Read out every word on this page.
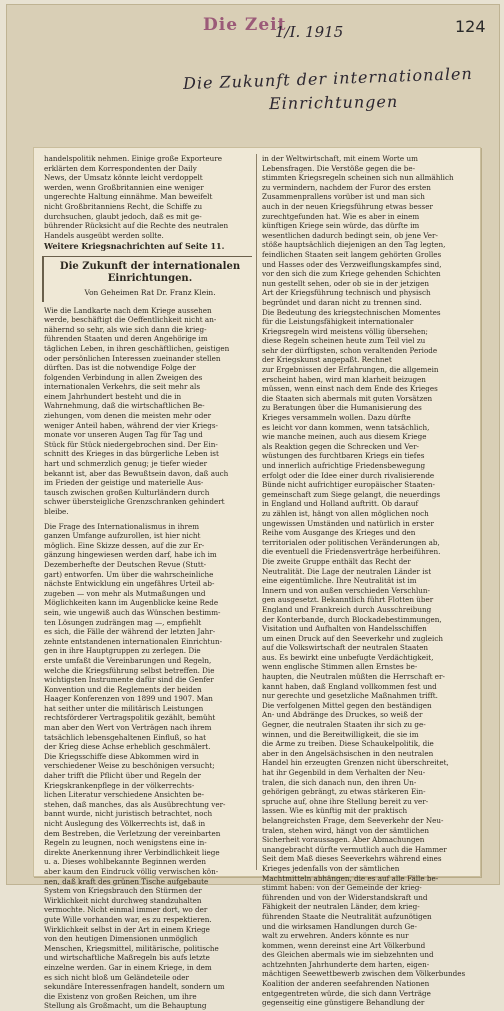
Die Zeit
1/I. 1915	124
Die Zukunft der internationalen
Einrichtungen
handelspolitik nehmen. Einige große Exporteure
erklärten dem Korrespondenten der Daily
News, der Umsatz könnte leicht verdoppelt
werden, wenn Großbritannien eine weniger
ungerechte Haltung einnähme. Man beweifelt
nicht Großbritanniens Recht, die Schiffe zu
durchsuchen, glaubt jedoch, daß es mit ge-
bührender Rücksicht auf die Rechte des neutralen
Handels ausgeübt werden sollte.
Weitere Kriegsnachrichten auf Seite 11.
Die Zukunft der internationalen
Einrichtungen.
Von Geheimen Rat Dr. Franz Klein.
Wie die Landkarte nach dem Kriege aussehen
werde, beschäftigt die Oeffentlichkeit nicht an-
nähernd so sehr, als wie sich dann die krieg-
führenden Staaten und deren Angehörige im
täglichen Leben, in ihren geschäftlichen, geistigen
oder persönlichen Interessen zueinander stellen
dürften. Das ist die notwendige Folge der
folgenden Verbindung in allen Zweigen des
internationalen Verkehrs, die seit mehr als
einem Jahrhundert besteht und die in
Wahrnehmung, daß die wirtschaftlichen Be-
ziehungen, vom denen die meisten mehr oder
weniger Anteil haben, während der vier Kriegs-
monate vor unseren Augen Tag für Tag und
Stück für Stück niedergebrochen sind. Der Ein-
schnitt des Krieges in das bürgerliche Leben ist
hart und schmerzlich genug; je tiefer wieder
bekannt ist, aber das Bewußtsein davon, daß auch
im Frieden der geistige und materielle Aus-
tausch zwischen großen Kulturländern durch
schwer übersteigliche Grenzschranken gehindert
bleibe.
Die Frage des Internationalismus in ihrem
ganzen Umfange aufzurollen, ist hier nicht
möglich. Eine Skizze dessen, auf die zur Er-
gänzung hingewiesen werden darf, habe ich im
Dezemberhefte der Deutschen Revue (Stutt-
gart) entworfen. Um über die wahrscheinliche
nächste Entwicklung ein ungefähres Urteil ab-
zugeben — von mehr als Mutmaßungen und
Möglichkeiten kann im Augenblicke keine Rede
sein, wie ungewiß auch das Wünschen bestimm-
ten Lösungen zudrängen mag —, empfiehlt
es sich, die Fälle der während der letzten Jahr-
zehnte entstandenen internationalen Einrichtun-
gen in ihre Hauptgruppen zu zerlegen. Die
erste umfaßt die Vereinbarungen und Regeln,
welche die Kriegsführung selbst betreffen. Die
wichtigsten Instrumente dafür sind die Genfer
Konvention und die Reglements der beiden
Haager Konferenzen von 1899 und 1907. Man
hat seither unter die militärisch Leistungen
rechtsförderer Vertragspolitik gezählt, bemüht
man aber den Wert von Verträgen nach ihrem
tatsächlich lebensgehaltenen Einfluß, so hat
der Krieg diese Achse erheblich geschmälert.
Die Kriegsschiffe diese Abkommen wird in
verschiedener Weise zu beschönigen versucht;
daher trifft die Pflicht über und Regeln der
Kriegskrankenpflege in der völkerrechts-
lichen Literatur verschiedene Ansichten be-
stehen, daß manches, das als Ausübrechtung ver-
bannt wurde, nicht juristisch betrachtet, noch
nicht Auslegung des Völkerrechts ist, daß in
dem Bestreben, die Verletzung der vereinbarten
Regeln zu leugnen, noch wenigstens eine in-
direkte Anerkennung ihrer Verbindlichkeit liege
u. a. Dieses wohlbekannte Beginnen werden
aber kaum den Eindruck völlig verwischen kön-
nen, daß kraft des grünen Tische aufgebaute
System von Kriegsbrauch den Stürmen der
Wirklichkeit nicht durchweg standzuhalten
vermochte. Nicht einmal immer dort, wo der
gute Wille vorhanden war, es zu respektieren.
Wirklichkeit selbst in der Art in einem Kriege
von den heutigen Dimensionen unmöglich
Menschen, Kriegsmittel, militärische, politische
und wirtschaftliche Maßregeln bis aufs letzte
einzelne werden. Gar in einem Kriege, in dem
es sich nicht bloß um Geländeteile oder
sekundäre Interessenfragen handelt, sondern um
die Existenz von großen Reichen, um ihre
Stellung als Großmacht, um die Behauptung
in der Weltwirtschaft, mit einem Worte um
Lebensfragen. Die Verstöße gegen die be-
stimmten Kriegsregeln scheinen sich nun allmählich
zu vermindern, nachdem der Furor des ersten
Zusammenprallens vorüber ist und man sich
auch in der neuen Kriegsführung etwas besser
zurechtgefunden hat. Wie es aber in einem
künftigen Kriege sein würde, das dürfte im
wesentlichen dadurch bedingt sein, ob jene Ver-
stöße hauptsächlich diejenigen an den Tag legten,
feindlichen Staaten seit langem gehörten Grolles
und Hasses oder des Verzweiflungskampfes sind,
vor den sich die zum Kriege gehenden Schichten
nun gestellt sehen, oder ob sie in der jetzigen
Art der Kriegsführung technisch und physisch
begründet und daran nicht zu trennen sind.
Die Bedeutung des kriegstechnischen Momentes
für die Leistungsfähigkeit internationaler
Kriegsregeln wird meistens völlig übersehen;
diese Regeln scheinen heute zum Teil viel zu
sehr der dürftigsten, schon veraltenden Periode
der Kriegskunst angepaßt. Rechnet
zur Ergebnissen der Erfahrungen, die allgemein
erscheint haben, wird man klarheit beizugen
müssen, wenn einst nach dem Ende des Krieges
die Staaten sich abermals mit guten Vorsätzen
zu Beratungen über die Humanisierung des
Krieges versammeln wollen. Dazu dürfte
es leicht vor dann kommen, wenn tatsächlich,
wie manche meinen, auch aus diesem Kriege
als Reaktion gegen die Schrecken und Ver-
wüstungen des furchtbaren Kriegs ein tiefes
und innerlich aufrichtige Friedensbewegung
erfolgt oder die Idee einer durch rivalisierende
Bünde nicht aufrichtiger europäischer Staaten-
gemeinschaft zum Siege gelangt, die neuerdings
in England und Holland auftritt. Ob darauf
zu zählen ist, hängt von allen möglichen noch
ungewissen Umständen und natürlich in erster
Reihe vom Ausgange des Krieges und den
territorialen oder politischen Veränderungen ab,
die eventuell die Friedensverträge herbeiführen.
Die zweite Gruppe enthält das Recht der
Neutralität. Die Lage der neutralen Länder ist
eine eigentümliche. Ihre Neutralität ist im
Innern und von außen verschieden Verschlun-
gen ausgesetzt. Bekanntlich führt Flotten über
England und Frankreich durch Ausschreibung
der Konterbande, durch Blockadebestimmungen,
Visitation und Aufhalten von Handelsschiffen
um einen Druck auf den Seeverkehr und zugleich
auf die Volkswirtschaft der neutralen Staaten
aus. Es bewirkt eine unbefugte Verdächtigkeit,
wenn englische Stimmen allen Ernstes be-
haupten, die Neutralen müßten die Herrschaft er-
kannt haben, daß England vollkommen fest und
nur gerechte und gesetzliche Maßnahmen trifft.
Die verfolgenen Mittel gegen den beständigen
An- und Abdränge des Druckes, so weiß der
Gegner, die neutralen Staaten ihr sich zu ge-
winnen, und die Bereitwilligkeit, die sie im
die Arme zu treiben. Diese Schaukelpolitik, die
aber in den Angelsächsischen in den neutralen
Handel hin erzeugten Grenzen nicht überschreitet,
hat ihr Gegenbild in dem Verhalten der Neu-
tralen, die sich danach nun, den ihren Un-
gehörigen gebrängt, zu etwas stärkeren Ein-
spruche auf, ohne ihre Stellung bereit zu ver-
lassen. Wie es künftig mit der praktisch
belangreichsten Frage, dem Seeverkehr der Neu-
tralen, stehen wird, hängt von der sämtlichen
Sicherheit voraussagen. Aber Abmachungen
unangebracht dürfte vermutlich auch die Hammer
Seit dem Maß dieses Seeverkehrs während eines
Krieges jedenfalls von der sämtlichen
Machtmitteln abhängen, die es auf alle Fälle be-
stimmt haben: von der Gemeinde der krieg-
führenden und von der Widerstandskraft und
Fähigkeit der neutralen Länder, dem krieg-
führenden Staate die Neutralität aufzunötigen
und die wirksamen Handlungen durch Ge-
walt zu erwehren. Anders könnte es nur
kommen, wenn dereinst eine Art Völkerbund
des Gleichen abermals wie im siebzehnten und
achtzehnten Jahrhunderte dem harten, eigen-
mächtigen Seewettbewerb zwischen dem Völkerbundes
Koalition der anderen seefahrenden Nationen
entgegentreten würde, die sich dann Verträge
gegenseitig eine günstigere Behandlung der
